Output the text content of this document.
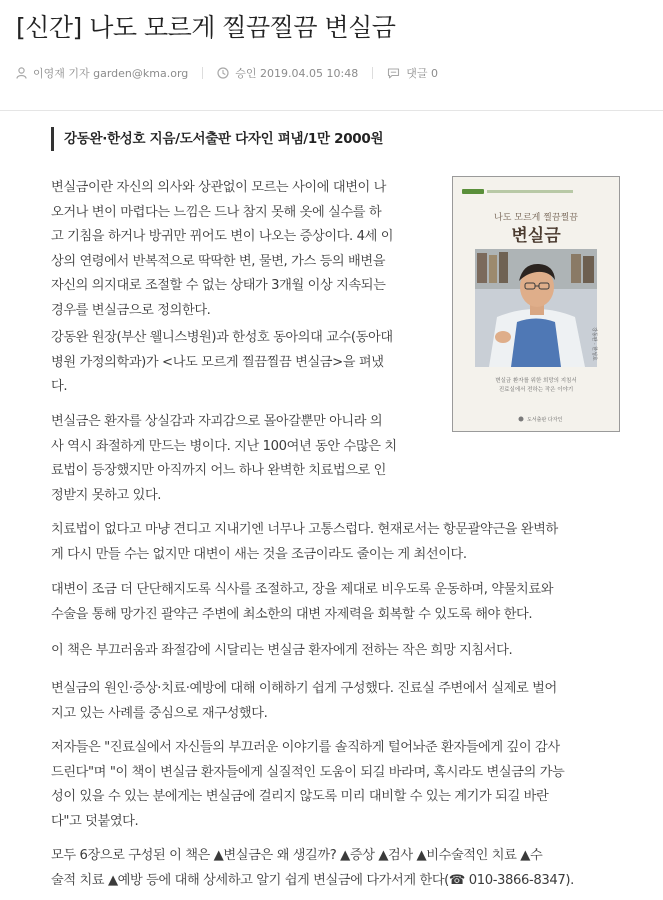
[신간] 나도 모르게 찔끔찔끔 변실금
이영재 기자 garden@kma.org	승인 2019.04.05 10:48	댓글 0
강동완·한성호 지음/도서출판 다자인 펴냄/1만 2000원

변실금이란 자신의 의사와 상관없이 모르는 사이에 대변이 나
오거나 변이 마렵다는 느낌은 드나 참지 못해 옷에 실수를 하
고 기침을 하거나 방귀만 뀌어도 변이 나오는 증상이다. 4세 이
상의 연령에서 반복적으로 딱딱한 변, 물변, 가스 등의 배변을
자신의 의지대로 조절할 수 없는 상태가 3개월 이상 지속되는
경우를 변실금으로 정의한다.

강동완 원장(부산 웰니스병원)과 한성호 동아의대 교수(동아대
병원 가정의학과)가 <나도 모르게 찔끔찔끔 변실금>을 펴냈
다.

변실금은 환자를 상실감과 자괴감으로 몰아갈뿐만 아니라 의
사 역시 좌절하게 만드는 병이다. 지난 100여년 동안 수많은 치
료법이 등장했지만 아직까지 어느 하나 완벽한 치료법으로 인
정받지 못하고 있다.

치료법이 없다고 마냥 견디고 지내기엔 너무나 고통스럽다. 현재로서는 항문괄약근을 완벽하
게 다시 만들 수는 없지만 대변이 새는 것을 조금이라도 줄이는 게 최선이다.

대변이 조금 더 단단해지도록 식사를 조절하고, 장을 제대로 비우도록 운동하며, 약물치료와
수술을 통해 망가진 괄약근 주변에 최소한의 대변 자제력을 회복할 수 있도록 해야 한다.

이 책은 부끄러움과 좌절감에 시달리는 변실금 환자에게 전하는 작은 희망 지침서다.

변실금의 원인·증상·치료·예방에 대해 이해하기 쉽게 구성했다. 진료실 주변에서 실제로 벌어
지고 있는 사례를 중심으로 재구성했다.

저자들은 "진료실에서 자신들의 부끄러운 이야기를 솔직하게 털어놔준 환자들에게 깊이 감사
드린다"며 "이 책이 변실금 환자들에게 실질적인 도움이 되길 바라며, 혹시라도 변실금의 가능
성이 있을 수 있는 분에게는 변실금에 걸리지 않도록 미리 대비할 수 있는 계기가 되길 바란
다"고 덧붙였다.

모두 6장으로 구성된 이 책은 ▲변실금은 왜 생길까? ▲증상 ▲검사 ▲비수술적인 치료 ▲수
술적 치료 ▲예방 등에 대해 상세하고 알기 쉽게 변실금에 다가서게 한다(☎ 010-3866-8347).

나도 모르게 찔끔찔끔
변실금
강동완 · 한성호
변실금 환자를 위한 희망의 지침서
진료실에서 전하는 작은 이야기
도서출판 다자인
